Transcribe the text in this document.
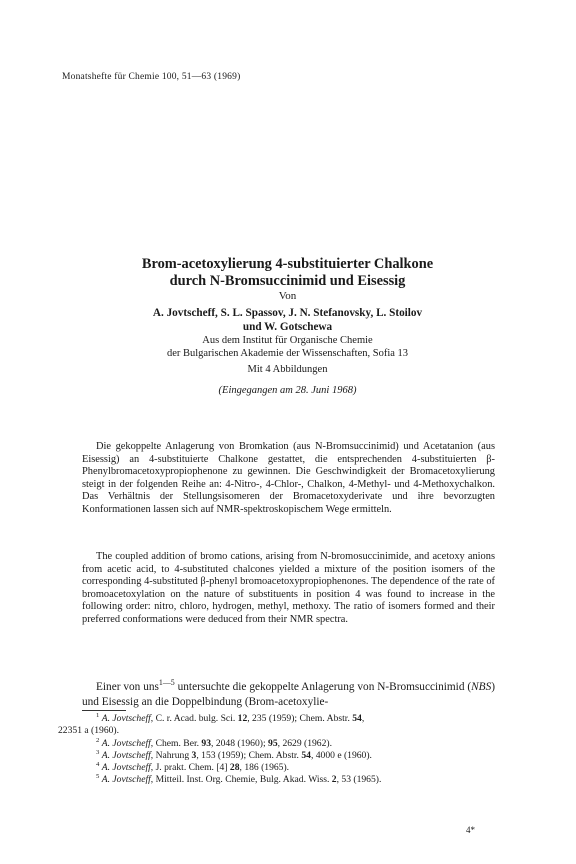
Monatshefte für Chemie 100, 51—63 (1969)
Brom-acetoxylierung 4-substituierter Chalkone
durch N-Bromsuccinimid und Eisessig
Von
A. Jovtscheff, S. L. Spassov, J. N. Stefanovsky, L. Stoilov
und W. Gotschewa
Aus dem Institut für Organische Chemie
der Bulgarischen Akademie der Wissenschaften, Sofia 13
Mit 4 Abbildungen
(Eingegangen am 28. Juni 1968)

Die gekoppelte Anlagerung von Bromkation (aus N-Bromsuccinimid) und Acetatanion (aus Eisessig) an 4-substituierte Chalkone gestattet, die entsprechenden 4-substituierten β-Phenylbromacetoxypropiophenone zu gewinnen. Die Geschwindigkeit der Bromacetoxylierung steigt in der folgenden Reihe an: 4-Nitro-, 4-Chlor-, Chalkon, 4-Methyl- und 4-Methoxychalkon. Das Verhältnis der Stellungsisomeren der Bromacetoxyderivate und ihre bevorzugten Konformationen lassen sich auf NMR-spektroskopischem Wege ermitteln.

The coupled addition of bromo cations, arising from N-bromosuccinimide, and acetoxy anions from acetic acid, to 4-substituted chalcones yielded a mixture of the position isomers of the corresponding 4-substituted β-phenyl bromoacetoxypropiophenones. The dependence of the rate of bromoacetoxylation on the nature of substituents in position 4 was found to increase in the following order: nitro, chloro, hydrogen, methyl, methoxy. The ratio of isomers formed and their preferred conformations were deduced from their NMR spectra.

Einer von uns$^{1—5}$ untersuchte die gekoppelte Anlagerung von N-Bromsuccinimid (NBS) und Eisessig an die Doppelbindung (Brom-acetoxylie-

$^1$ A. Jovtscheff, C. r. Acad. bulg. Sci. 12, 235 (1959); Chem. Abstr. 54,
22351 a (1960).

$^2$ A. Jovtscheff, Chem. Ber. 93, 2048 (1960); 95, 2629 (1962).

$^3$ A. Jovtscheff, Nahrung 3, 153 (1959); Chem. Abstr. 54, 4000 e (1960).

$^4$ A. Jovtscheff, J. prakt. Chem. [4] 28, 186 (1965).

$^5$ A. Jovtscheff, Mitteil. Inst. Org. Chemie, Bulg. Akad. Wiss. 2, 53 (1965).

4*
